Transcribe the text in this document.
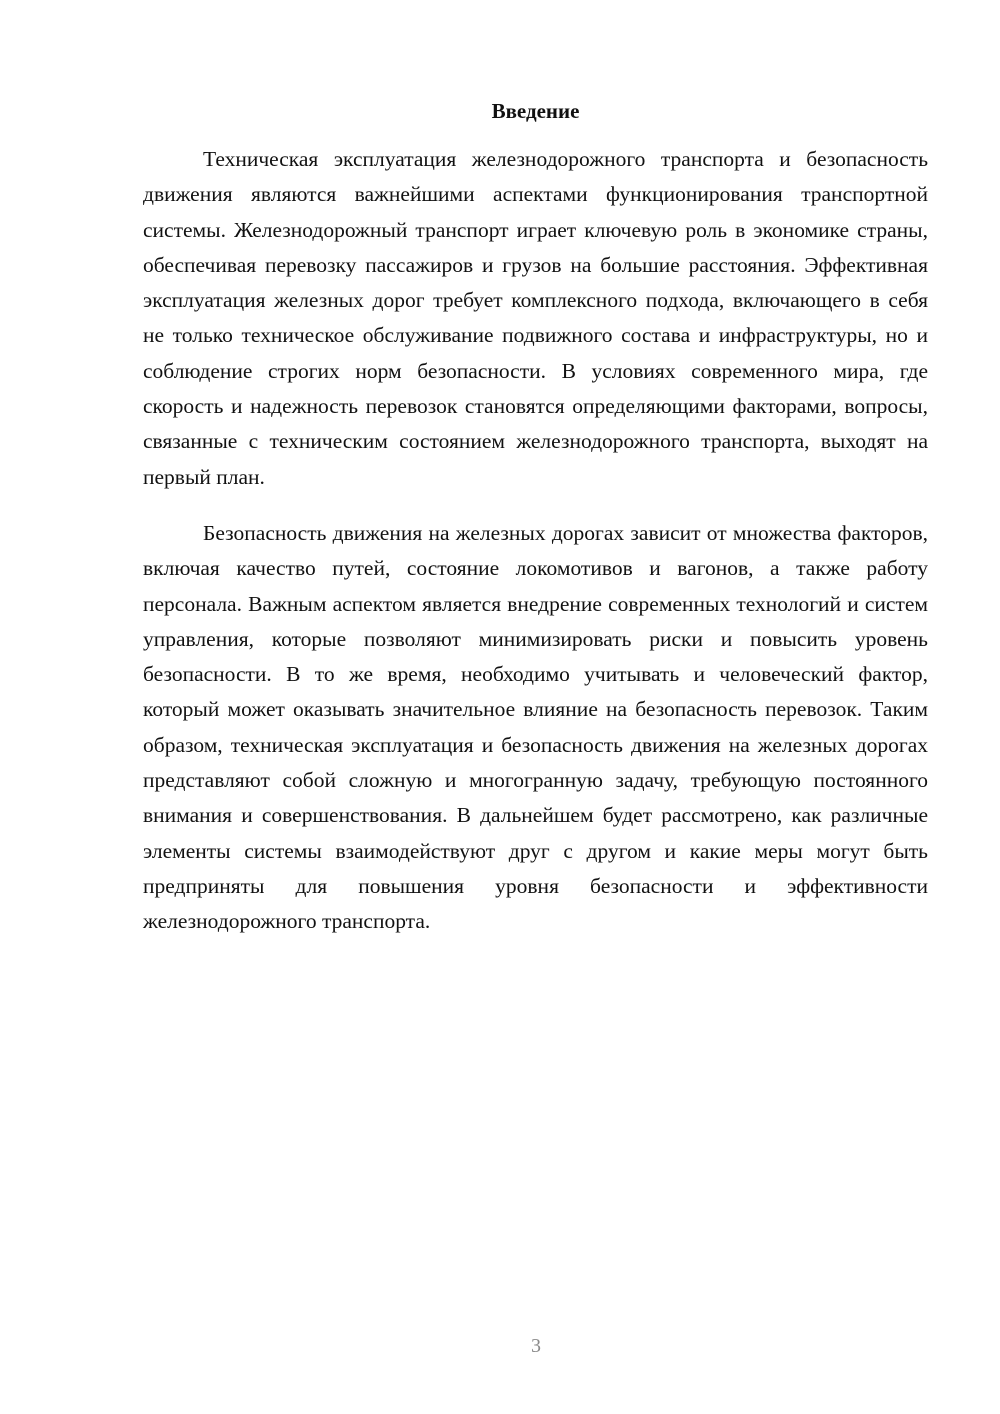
Введение

Техническая эксплуатация железнодорожного транспорта и безопасность движения являются важнейшими аспектами функционирования транспортной системы. Железнодорожный транспорт играет ключевую роль в экономике страны, обеспечивая перевозку пассажиров и грузов на большие расстояния. Эффективная эксплуатация железных дорог требует комплексного подхода, включающего в себя не только техническое обслуживание подвижного состава и инфраструктуры, но и соблюдение строгих норм безопасности. В условиях современного мира, где скорость и надежность перевозок становятся определяющими факторами, вопросы, связанные с техническим состоянием железнодорожного транспорта, выходят на первый план.

Безопасность движения на железных дорогах зависит от множества факторов, включая качество путей, состояние локомотивов и вагонов, а также работу персонала. Важным аспектом является внедрение современных технологий и систем управления, которые позволяют минимизировать риски и повысить уровень безопасности. В то же время, необходимо учитывать и человеческий фактор, который может оказывать значительное влияние на безопасность перевозок. Таким образом, техническая эксплуатация и безопасность движения на железных дорогах представляют собой сложную и многогранную задачу, требующую постоянного внимания и совершенствования. В дальнейшем будет рассмотрено, как различные элементы системы взаимодействуют друг с другом и какие меры могут быть предприняты для повышения уровня безопасности и эффективности железнодорожного транспорта.

3
